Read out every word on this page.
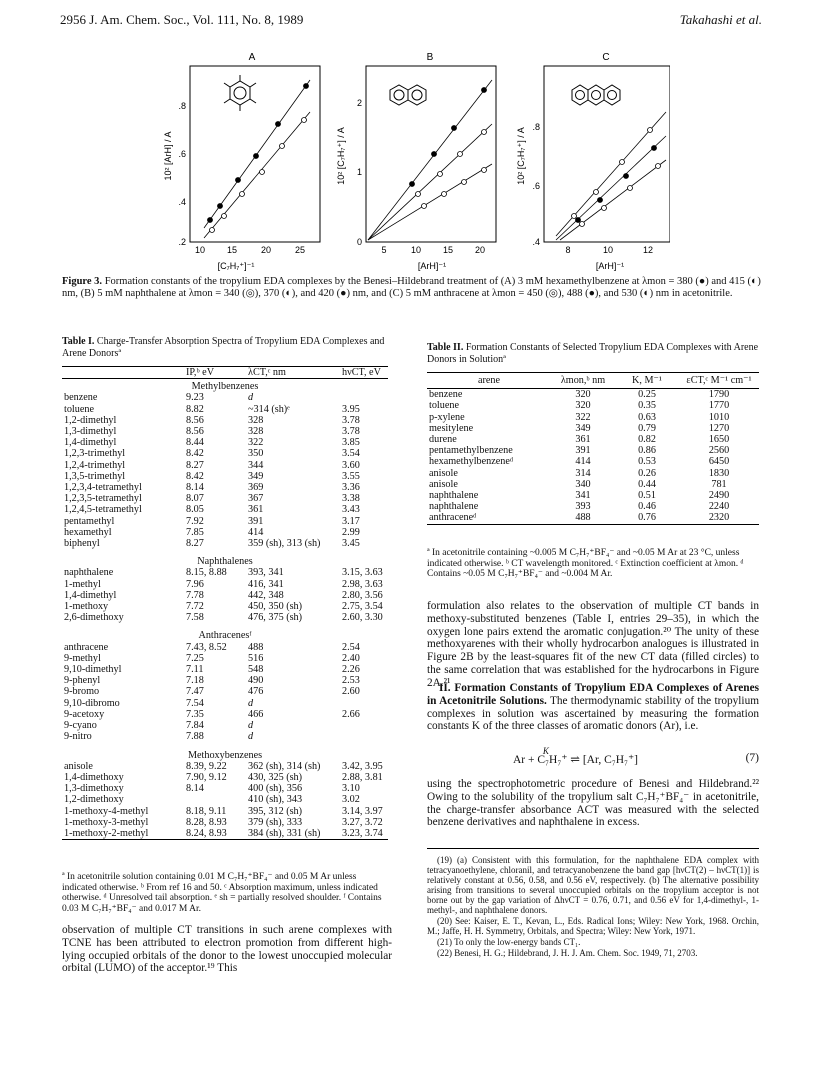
2956 J. Am. Chem. Soc., Vol. 111, No. 8, 1989	Takahashi et al.
A
.8
.6
.4
.2
10 15	20	25
[C₇H₇⁺]⁻¹
10² [ArH] / A
B
2
1
0
5	10 15 20
[ArH]⁻¹
10² [C₇H₇⁺] / A
C
.8
.6
.4
8	10	12
[ArH]⁻¹
10² [C₇H₇⁺] / A
Figure 3. Formation constants of the tropylium EDA complexes by the Benesi–Hildebrand treatment of (A) 3 mM hexamethylbenzene at λmon = 380 (●) and 415 (◐) nm, (B) 5 mM naphthalene at λmon = 340 (◎), 370 (◐), and 420 (●) nm, and (C) 5 mM anthracene at λmon = 450 (◎), 488 (●), and 530 (◐) nm in acetonitrile.
Table I. Charge-Transfer Absorption Spectra of Tropylium EDA Complexes and Arene Donorsª
	IP,ᵇ eV	λCT,ᶜ nm	hνCT, eV
Methylbenzenes			
benzene	9.23	d	
toluene	8.82	~314 (sh)ᵉ	3.95
1,2-dimethyl	8.56	328	3.78
1,3-dimethyl	8.56	328	3.78
1,4-dimethyl	8.44	322	3.85
1,2,3-trimethyl	8.42	350	3.54
1,2,4-trimethyl	8.27	344	3.60
1,3,5-trimethyl	8.42	349	3.55
1,2,3,4-tetramethyl	8.14	369	3.36
1,2,3,5-tetramethyl	8.07	367	3.38
1,2,4,5-tetramethyl	8.05	361	3.43
pentamethyl	7.92	391	3.17
hexamethyl	7.85	414	2.99
biphenyl	8.27	359 (sh), 313 (sh)	3.45

Naphthalenes			
naphthalene	8.15, 8.88	393, 341	3.15, 3.63
1-methyl	7.96	416, 341	2.98, 3.63
1,4-dimethyl	7.78	442, 348	2.80, 3.56
1-methoxy	7.72	450, 350 (sh)	2.75, 3.54
2,6-dimethoxy	7.58	476, 375 (sh)	2.60, 3.30

Anthracenesᶠ			
anthracene	7.43, 8.52	488	2.54
9-methyl	7.25	516	2.40
9,10-dimethyl	7.11	548	2.26
9-phenyl	7.18	490	2.53
9-bromo	7.47	476	2.60
9,10-dibromo	7.54	d	
9-acetoxy	7.35	466	2.66
9-cyano	7.84	d	
9-nitro	7.88	d	

Methoxybenzenes			
anisole	8.39, 9.22	362 (sh), 314 (sh)	3.42, 3.95
1,4-dimethoxy	7.90, 9.12	430, 325 (sh)	2.88, 3.81
1,3-dimethoxy	8.14	400 (sh), 356	3.10
1,2-dimethoxy		410 (sh), 343	3.02
1-methoxy-4-methyl	8.18, 9.11	395, 312 (sh)	3.14, 3.97
1-methoxy-3-methyl	8.28, 8.93	379 (sh), 333	3.27, 3.72
1-methoxy-2-methyl	8.24, 8.93	384 (sh), 331 (sh)	3.23, 3.74
ª In acetonitrile solution containing 0.01 M C₇H₇⁺BF₄⁻ and 0.05 M Ar unless indicated otherwise. ᵇ From ref 16 and 50. ᶜ Absorption maximum, unless indicated otherwise. ᵈ Unresolved tail absorption. ᵉ sh = partially resolved shoulder. ᶠ Contains 0.03 M C₇H₇⁺BF₄⁻ and 0.017 M Ar.
observation of multiple CT transitions in such arene complexes with TCNE has been attributed to electron promotion from different high-lying occupied orbitals of the donor to the lowest unoccupied molecular orbital (LUMO) of the acceptor.¹⁹ This
Table II. Formation Constants of Selected Tropylium EDA Complexes with Arene Donors in Solutionª
arene	λmon,ᵇ nm	K, M⁻¹	εCT,ᶜ M⁻¹ cm⁻¹
benzene	320	0.25	1790
toluene	320	0.35	1770
p-xylene	322	0.63	1010
mesitylene	349	0.79	1270
durene	361	0.82	1650
pentamethylbenzene	391	0.86	2560
hexamethylbenzeneᵈ	414	0.53	6450
anisole	314	0.26	1830
anisole	340	0.44	781
naphthalene	341	0.51	2490
naphthalene	393	0.46	2240
anthraceneᵈ	488	0.76	2320
ª In acetonitrile containing ~0.005 M C₇H₇⁺BF₄⁻ and ~0.05 M Ar at 23 °C, unless indicated otherwise. ᵇ CT wavelength monitored. ᶜ Extinction coefficient at λmon. ᵈ Contains ~0.05 M C₇H₇⁺BF₄⁻ and ~0.004 M Ar.
formulation also relates to the observation of multiple CT bands in methoxy-substituted benzenes (Table I, entries 29–35), in which the oxygen lone pairs extend the aromatic conjugation.²⁰ The unity of these methoxyarenes with their wholly hydrocarbon analogues is illustrated in Figure 2B by the least-squares fit of the new CT data (filled circles) to the same correlation that was established for the hydrocarbons in Figure 2A.²¹
II. Formation Constants of Tropylium EDA Complexes of Arenes in Acetonitrile Solutions. The thermodynamic stability of the tropylium complexes in solution was ascertained by measuring the formation constants K of the three classes of aromatic donors (Ar), i.e.
Ar + C₇H₇⁺ ⇌ [Ar, C₇H₇⁺] $^K$
(7)
using the spectrophotometric procedure of Benesi and Hildebrand.²² Owing to the solubility of the tropylium salt C₇H₇⁺BF₄⁻ in acetonitrile, the charge-transfer absorbance ACT was measured with the selected benzene derivatives and naphthalene in excess.

(19) (a) Consistent with this formulation, for the naphthalene EDA complex with tetracyanoethylene, chloranil, and tetracyanobenzene the band gap [hνCT(2) – hνCT(1)] is relatively constant at 0.56, 0.58, and 0.56 eV, respectively. (b) The alternative possibility arising from transitions to several unoccupied orbitals on the tropylium acceptor is not borne out by the gap variation of ΔhνCT = 0.76, 0.71, and 0.56 eV for 1,4-dimethyl-, 1-methyl-, and naphthalene donors.

(20) See: Kaiser, E. T., Kevan, L., Eds. Radical Ions; Wiley: New York, 1968. Orchin, M.; Jaffe, H. H. Symmetry, Orbitals, and Spectra; Wiley: New York, 1971.

(21) To only the low-energy bands CT₁.

(22) Benesi, H. G.; Hildebrand, J. H. J. Am. Chem. Soc. 1949, 71, 2703.
